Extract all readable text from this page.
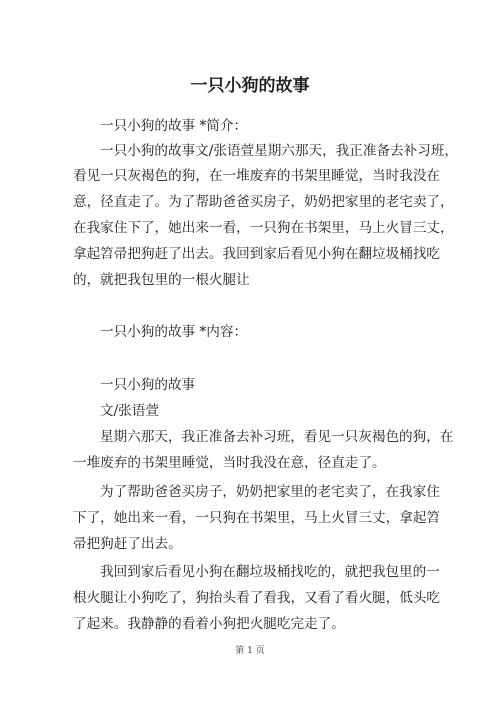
一只小狗的故事

一只小狗的故事 *简介：

一只小狗的故事文/张语萱星期六那天，我正准备去补习班，

看见一只灰褐色的狗，在一堆废弃的书架里睡觉，当时我没在

意，径直走了。为了帮助爸爸买房子，奶奶把家里的老宅卖了，

在我家住下了，她出来一看，一只狗在书架里，马上火冒三丈，

拿起笤帚把狗赶了出去。我回到家后看见小狗在翻垃圾桶找吃

的，就把我包里的一根火腿让

一只小狗的故事 *内容：

一只小狗的故事

文/张语萱

星期六那天，我正准备去补习班，看见一只灰褐色的狗，在

一堆废弃的书架里睡觉，当时我没在意，径直走了。

为了帮助爸爸买房子，奶奶把家里的老宅卖了，在我家住

下了，她出来一看，一只狗在书架里，马上火冒三丈，拿起笤

帚把狗赶了出去。

我回到家后看见小狗在翻垃圾桶找吃的，就把我包里的一

根火腿让小狗吃了，狗抬头看了看我，又看了看火腿，低头吃

了起来。我静静的看着小狗把火腿吃完走了。

第 1 页
